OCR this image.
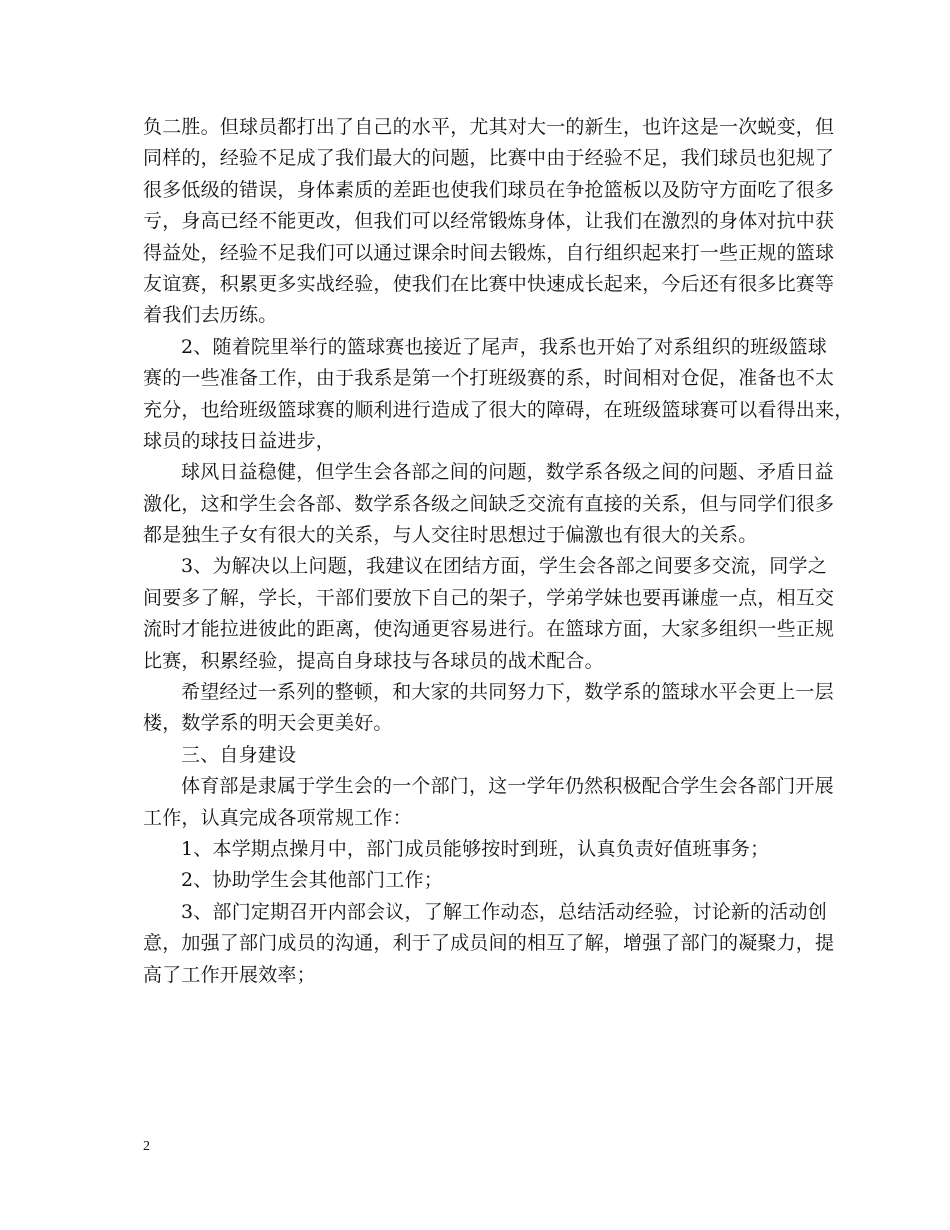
负二胜。但球员都打出了自己的水平，尤其对大一的新生，也许这是一次蜕变，但
同样的，经验不足成了我们最大的问题，比赛中由于经验不足，我们球员也犯规了
很多低级的错误，身体素质的差距也使我们球员在争抢篮板以及防守方面吃了很多
亏，身高已经不能更改，但我们可以经常锻炼身体，让我们在激烈的身体对抗中获
得益处，经验不足我们可以通过课余时间去锻炼，自行组织起来打一些正规的篮球
友谊赛，积累更多实战经验，使我们在比赛中快速成长起来，今后还有很多比赛等
着我们去历练。
2、随着院里举行的篮球赛也接近了尾声，我系也开始了对系组织的班级篮球
赛的一些准备工作，由于我系是第一个打班级赛的系，时间相对仓促，准备也不太
充分，也给班级篮球赛的顺利进行造成了很大的障碍，在班级篮球赛可以看得出来，
球员的球技日益进步，
球风日益稳健，但学生会各部之间的问题，数学系各级之间的问题、矛盾日益
激化，这和学生会各部、数学系各级之间缺乏交流有直接的关系，但与同学们很多
都是独生子女有很大的关系，与人交往时思想过于偏激也有很大的关系。
3、为解决以上问题，我建议在团结方面，学生会各部之间要多交流，同学之
间要多了解，学长，干部们要放下自己的架子，学弟学妹也要再谦虚一点，相互交
流时才能拉进彼此的距离，使沟通更容易进行。在篮球方面，大家多组织一些正规
比赛，积累经验，提高自身球技与各球员的战术配合。
希望经过一系列的整顿，和大家的共同努力下，数学系的篮球水平会更上一层
楼，数学系的明天会更美好。
三、自身建设
体育部是隶属于学生会的一个部门，这一学年仍然积极配合学生会各部门开展
工作，认真完成各项常规工作：
1、本学期点操月中，部门成员能够按时到班，认真负责好值班事务；
2、协助学生会其他部门工作；
3、部门定期召开内部会议，了解工作动态，总结活动经验，讨论新的活动创
意，加强了部门成员的沟通，利于了成员间的相互了解，增强了部门的凝聚力，提
高了工作开展效率；
2
